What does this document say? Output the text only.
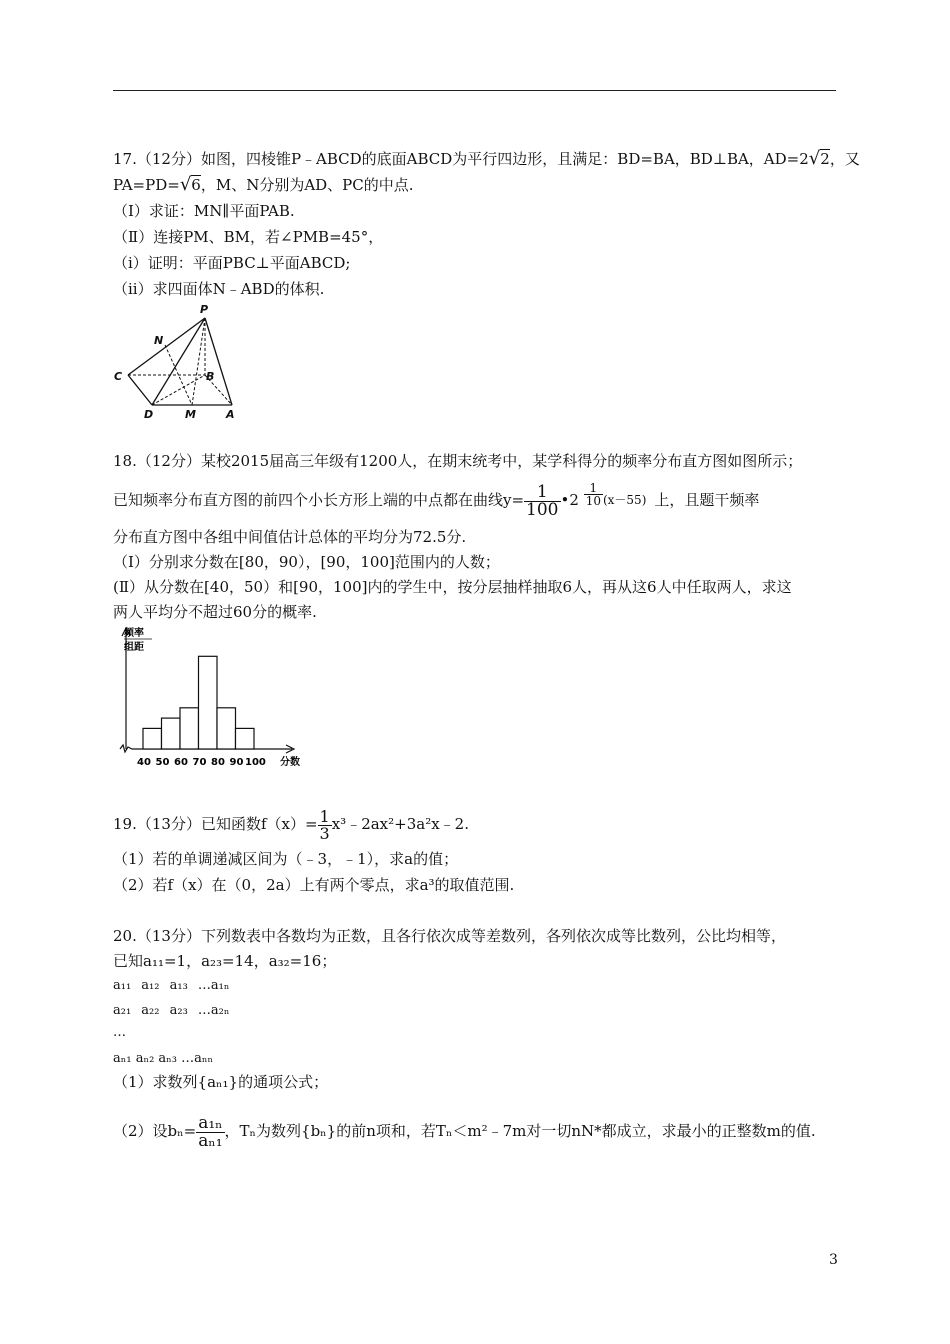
17.（12分）如图，四棱锥P﹣ABCD的底面ABCD为平行四边形，且满足：BD=BA，BD⊥BA，AD=2√2，又
PA=PD=√6，M、N分别为AD、PC的中点.
（Ⅰ）求证：MN∥平面PAB.
（Ⅱ）连接PM、BM，若∠PMB=45°，
（i）证明：平面PBC⊥平面ABCD;
（ii）求四面体N﹣ABD的体积.
P
N
C	B
D	M	A
18.（12分）某校2015届高三年级有1200人，在期末统考中，某学科得分的频率分布直方图如图所示；
已知频率分布直方图的前四个小长方形上端的中点都在曲线$y= \frac{1}{100}$ •2 $\frac{1}{10} ^{(x-55)}$ 上，且题干频率
分布直方图中各组中间值估计总体的平均分为72.5分.
（Ⅰ）分别求分数在[80，90），[90，100]范围内的人数；
(Ⅱ）从分数在[40，50）和[90，100]内的学生中，按分层抽样抽取6人，再从这6人中任取两人，求这
两人平均分不超过60分的概率.
频率
组距
40 50 60 70 80 90 100 分数
19.（13分）已知函数$f(x)= \frac{1}{3}$ x³﹣2ax²+3a²x﹣2.
（1）若的单调递减区间为（﹣3，﹣1），求a的值；
（2）若f（x）在（0，2a）上有两个零点，求a³的取值范围.
20.（13分）下列数表中各数均为正数，且各行依次成等差数列，各列依次成等比数列，公比均相等，
已知a₁₁=1，a₂₃=14，a₃₂=16；
a₁₁ a₁₂ a₁₃ …a₁ₙ
a₂₁ a₂₂ a₂₃ …a₂ₙ
…
aₙ₁ aₙ₂ aₙ₃ …aₙₙ
（1）求数列{aₙ₁}的通项公式；
（2）设$b_n= \frac{\text{a₁ₙ}}{\text{aₙ₁}}$ ，Tₙ为数列{bₙ}的前n项和，若Tₙ＜m²﹣7m对一切nN*都成立，求最小的正整数m的值.
3
